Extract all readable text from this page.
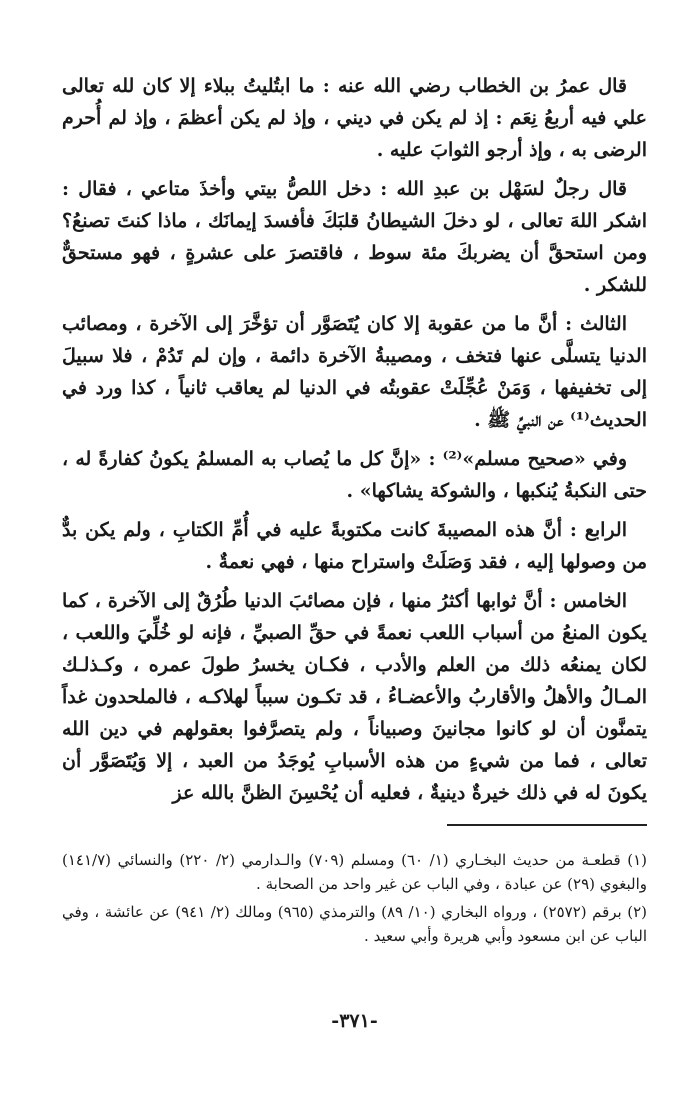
قال عمرُ بن الخطاب رضي الله عنه : ما ابتُليتُ ببلاء إلا كان لله تعالى علي فيه أربعُ نِعَم : إذ لم يكن في ديني ، وإذ لم يكن أعظمَ ، وإذ لم أُحرم الرضى به ، وإذ أرجو الثوابَ عليه .

قال رجلٌ لسَهْل بن عبدِ الله : دخل اللصُّ بيتي وأخذَ متاعي ، فقال : اشكر اللهَ تعالى ، لو دخلَ الشيطانُ قلبَكَ فأفسدَ إيمانَك ، ماذا كنتَ تصنعُ؟ ومن استحقَّ أن يضربكَ مئة سوط ، فاقتصرَ على عشرةٍ ، فهو مستحقٌّ للشكر .

الثالث : أنَّ ما من عقوبة إلا كان يُتَصَوَّر أن تؤخَّرَ إلى الآخرة ، ومصائب الدنيا يتسلَّى عنها فتخف ، ومصيبةُ الآخرة دائمة ، وإن لم تَدُمْ ، فلا سبيلَ إلى تخفيفها ، وَمَنْ عُجِّلَتْ عقوبتُه في الدنيا لم يعاقب ثانياً ، كذا ورد في الحديث⁽¹⁾ عن النبيِّ ﷺ .

وفي «صحيح مسلم»⁽²⁾ : «إنَّ كل ما يُصاب به المسلمُ يكونُ كفارةً له ، حتى النكبةُ يُنكبها ، والشوكة يشاكها» .

الرابع : أنَّ هذه المصيبةَ كانت مكتوبةً عليه في أُمِّ الكتابِ ، ولم يكن بدٌّ من وصولها إليه ، فقد وَصَلَتْ واستراح منها ، فهي نعمةٌ .

الخامس : أنَّ ثوابها أكثرُ منها ، فإن مصائبَ الدنيا طُرُقٌ إلى الآخرة ، كما يكون المنعُ من أسباب اللعب نعمةً في حقِّ الصبيِّ ، فإنه لو خُلِّيَ واللعب ، لكان يمنعُه ذلك من العلم والأدب ، فكـان يخسرُ طولَ عمره ، وكـذلـك المـالُ والأهلُ والأقاربُ والأعضـاءُ ، قد تكـون سبباً لهلاكـه ، فالملحدون غداً يتمنَّون أن لو كانوا مجانينَ وصبياناً ، ولم يتصرَّفوا بعقولهم في دين الله تعالى ، فما من شيءٍ من هذه الأسبابِ يُوجَدُ من العبد ، إلا وَيُتَصَوَّر أن يكونَ له في ذلك خيرةٌ دينيةٌ ، فعليه أن يُحْسِنَ الظنَّ بالله عز

(١) قطعـة من حديث البخـاري (١/ ٦٠) ومسلم (٧٠٩) والـدارمي (٢/ ٢٢٠) والنسائي (١٤١/٧) والبغوي (٢٩) عن عبادة ، وفي الباب عن غير واحد من الصحابة .

(٢) برقم (٢٥٧٢) ، ورواه البخاري (١٠/ ٨٩) والترمذي (٩٦٥) ومالك (٢/ ٩٤١) عن عائشة ، وفي الباب عن ابن مسعود وأبي هريرة وأبي سعيد .

-٣٧١-
